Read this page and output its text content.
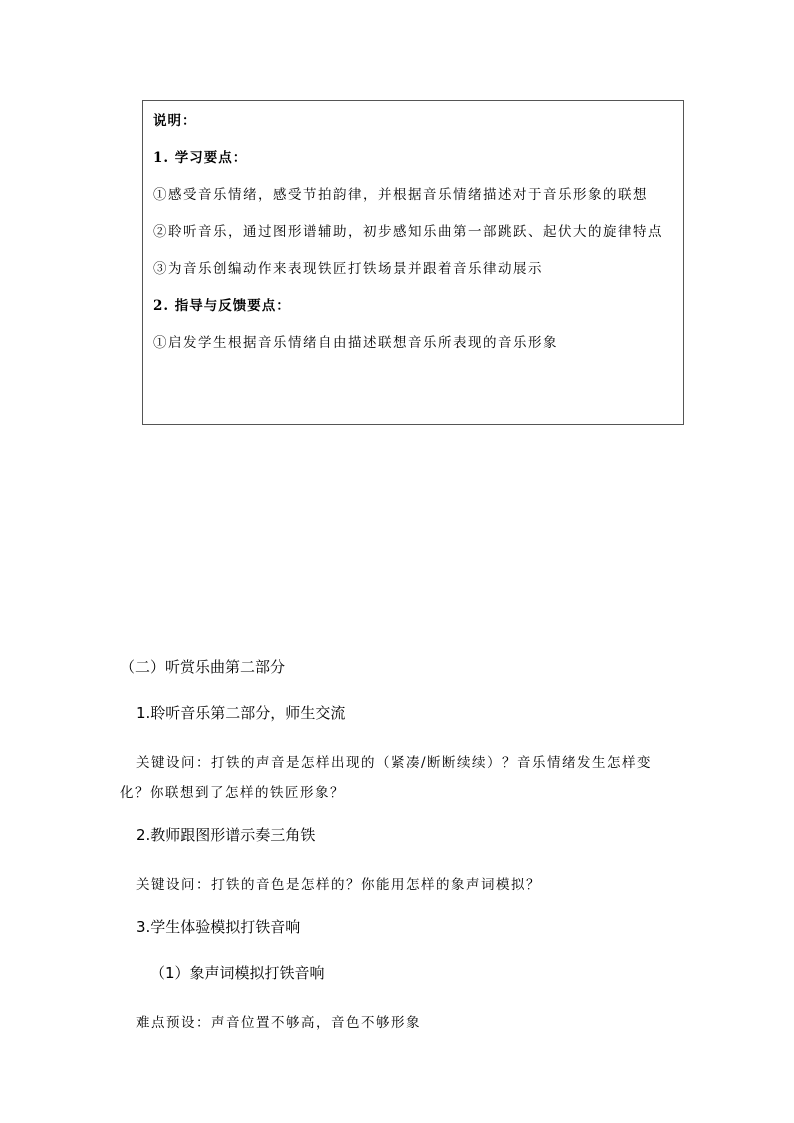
说明：

1. 学习要点：

①感受音乐情绪，感受节拍韵律，并根据音乐情绪描述对于音乐形象的联想

②聆听音乐，通过图形谱辅助，初步感知乐曲第一部跳跃、起伏大的旋律特点

③为音乐创编动作来表现铁匠打铁场景并跟着音乐律动展示

2. 指导与反馈要点：

①启发学生根据音乐情绪自由描述联想音乐所表现的音乐形象

（二）听赏乐曲第二部分

1.聆听音乐第二部分，师生交流

关键设问：打铁的声音是怎样出现的（紧凑/断断续续）？音乐情绪发生怎样变化？你联想到了怎样的铁匠形象？

2.教师跟图形谱示奏三角铁

关键设问：打铁的音色是怎样的？你能用怎样的象声词模拟？

3.学生体验模拟打铁音响

（1）象声词模拟打铁音响

难点预设：声音位置不够高，音色不够形象
